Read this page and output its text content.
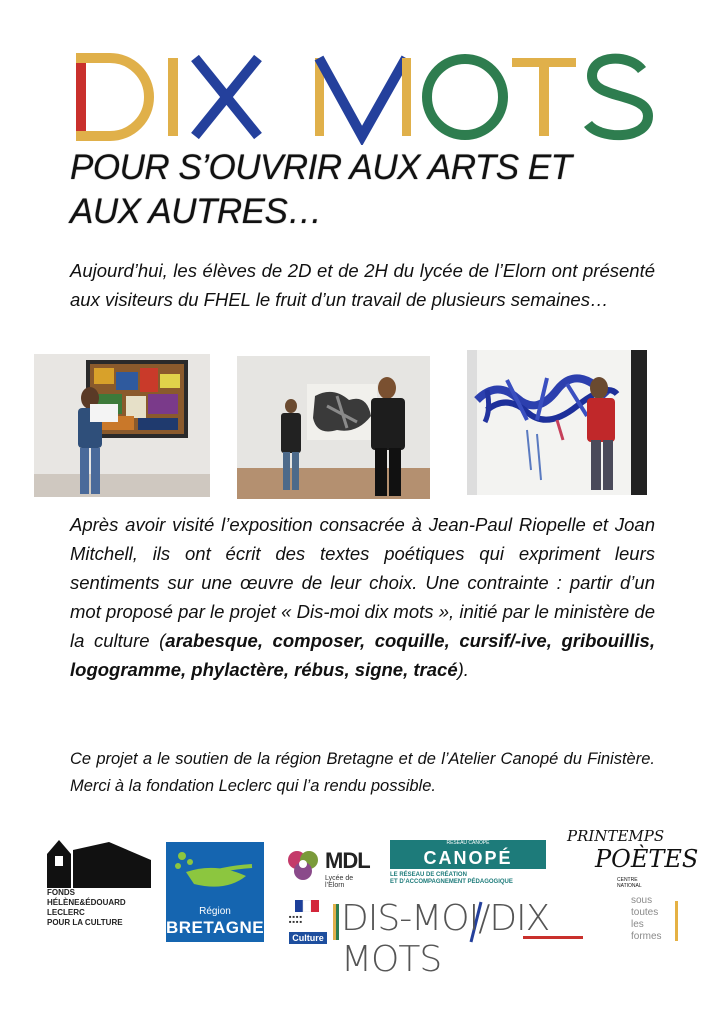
POUR S’OUVRIR AUX ARTS ET
AUX AUTRES…

Aujourd’hui, les élèves de 2D et de 2H du lycée de l’Elorn ont présenté aux visiteurs du FHEL le fruit d’un travail de plusieurs semaines…

Après avoir visité l’exposition consacrée à Jean-Paul Riopelle et Joan Mitchell, ils ont écrit des textes poétiques qui expriment leurs sentiments sur une œuvre de leur choix. Une contrainte : partir d’un mot proposé par le projet « Dis-moi dix mots », initié par le ministère de la culture (arabesque, composer, coquille, cursif/-ive, gribouillis, logogramme, phylactère, rébus, signe, tracé).

Ce projet a le soutien de la région Bretagne et de l’Atelier Canopé du Finistère. Merci à la fondation Leclerc qui l’a rendu possible.

FONDS
HÉLÈNE&ÉDOUARD LECLERC
POUR LA CULTURE

Région

BRETAGNE

MDL

Lycée de l’Elorn

RÉSEAU CANOPÉ

CANOPÉ

LE RÉSEAU DE CRÉATION
ET D’ACCOMPAGNEMENT PÉDAGOGIQUE

PRINTEMPS

POÈTES

CENTRE NATIONAL

■ ■ ■ ■
■ ■ ■ ■

Culture DIS-MOI/DIX MOTS

sous
toutes
les
formes
